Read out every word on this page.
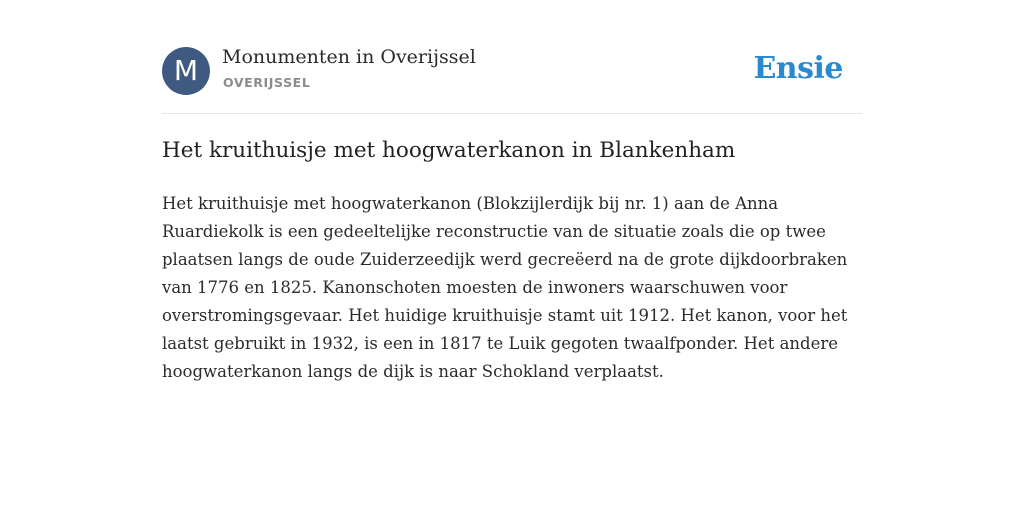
M	Monumenten in Overijssel
OVERIJSSEL	Ensie
Het kruithuisje met hoogwaterkanon in Blankenham

Het kruithuisje met hoogwaterkanon (Blokzijlerdijk bij nr. 1) aan de Anna
Ruardiekolk is een gedeeltelijke reconstructie van de situatie zoals die op twee
plaatsen langs de oude Zuiderzeedijk werd gecreëerd na de grote dijkdoorbraken
van 1776 en 1825. Kanonschoten moesten de inwoners waarschuwen voor
overstromingsgevaar. Het huidige kruithuisje stamt uit 1912. Het kanon, voor het
laatst gebruikt in 1932, is een in 1817 te Luik gegoten twaalfponder. Het andere
hoogwaterkanon langs de dijk is naar Schokland verplaatst.
